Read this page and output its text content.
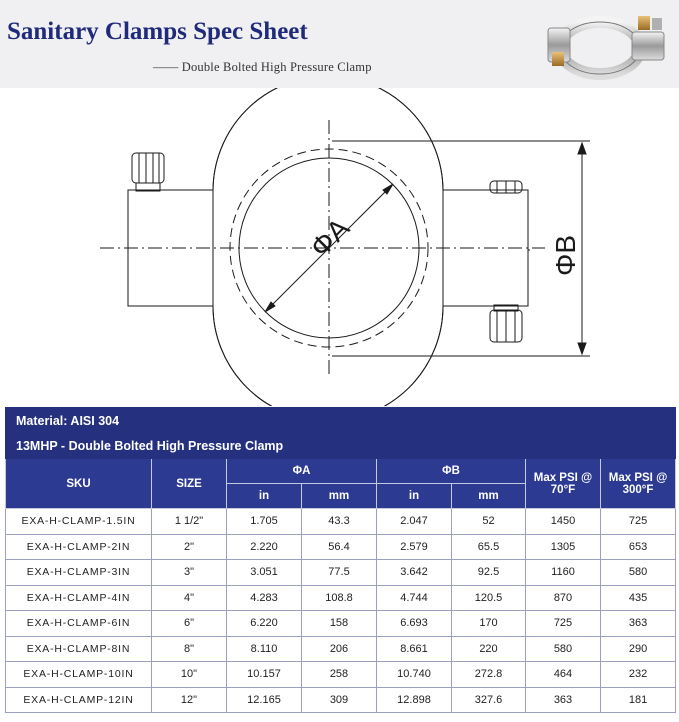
Sanitary Clamps Spec Sheet
—— Double Bolted High Pressure Clamp
ΦA	ΦB
Material: AISI 304							
13MHP - Double Bolted High Pressure Clamp							
SKU	SIZE	ΦA		ΦB		Max PSI @ 70°F	Max PSI @ 300°F
		in	mm	in	mm		
EXA-H-CLAMP-1.5IN	1 1/2"	1.705	43.3	2.047	52	1450	725
EXA-H-CLAMP-2IN	2"	2.220	56.4	2.579	65.5	1305	653
EXA-H-CLAMP-3IN	3"	3.051	77.5	3.642	92.5	1160	580
EXA-H-CLAMP-4IN	4"	4.283	108.8	4.744	120.5	870	435
EXA-H-CLAMP-6IN	6"	6.220	158	6.693	170	725	363
EXA-H-CLAMP-8IN	8"	8.110	206	8.661	220	580	290
EXA-H-CLAMP-10IN	10"	10.157	258	10.740	272.8	464	232
EXA-H-CLAMP-12IN	12"	12.165	309	12.898	327.6	363	181
